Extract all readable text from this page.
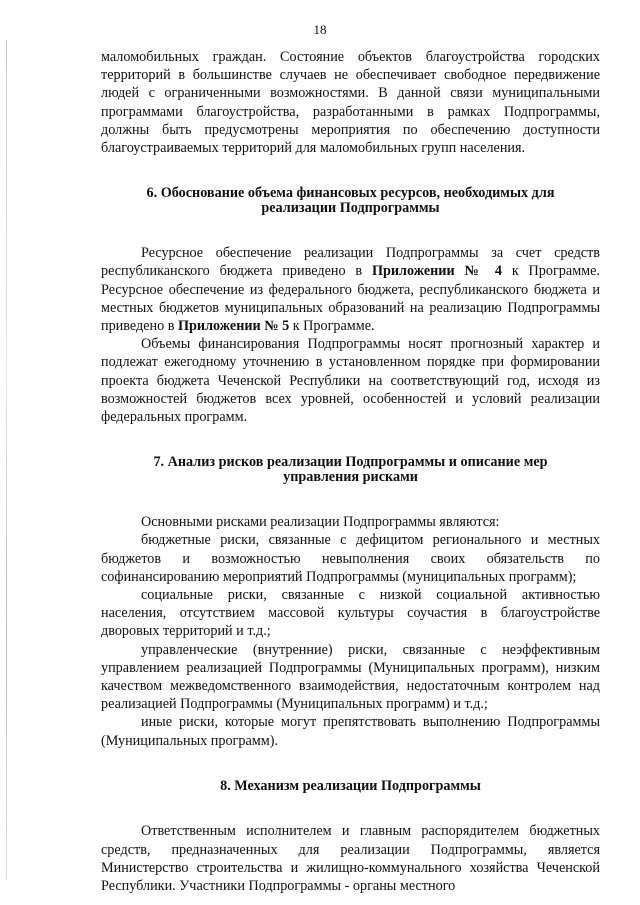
18

маломобильных граждан. Состояние объектов благоустройства городских территорий в большинстве случаев не обеспечивает свободное передвижение людей с ограниченными возможностями. В данной связи муниципальными программами благоустройства, разработанными в рамках Подпрограммы, должны быть предусмотрены мероприятия по обеспечению доступности благоустраиваемых территорий для маломобильных групп населения.

6. Обоснование объема финансовых ресурсов, необходимых для реализации Подпрограммы

Ресурсное обеспечение реализации Подпрограммы за счет средств республиканского бюджета приведено в Приложении № 4 к Программе. Ресурсное обеспечение из федерального бюджета, республиканского бюджета и местных бюджетов муниципальных образований на реализацию Подпрограммы приведено в Приложении № 5 к Программе.

Объемы финансирования Подпрограммы носят прогнозный характер и подлежат ежегодному уточнению в установленном порядке при формировании проекта бюджета Чеченской Республики на соответствующий год, исходя из возможностей бюджетов всех уровней, особенностей и условий реализации федеральных программ.

7. Анализ рисков реализации Подпрограммы и описание мер управления рисками

Основными рисками реализации Подпрограммы являются:

бюджетные риски, связанные с дефицитом регионального и местных бюджетов и возможностью невыполнения своих обязательств по софинансированию мероприятий Подпрограммы (муниципальных программ);

социальные риски, связанные с низкой социальной активностью населения, отсутствием массовой культуры соучастия в благоустройстве дворовых территорий и т.д.;

управленческие (внутренние) риски, связанные с неэффективным управлением реализацией Подпрограммы (Муниципальных программ), низким качеством межведомственного взаимодействия, недостаточным контролем над реализацией Подпрограммы (Муниципальных программ) и т.д.;

иные риски, которые могут препятствовать выполнению Подпрограммы (Муниципальных программ).

8. Механизм реализации Подпрограммы

Ответственным исполнителем и главным распорядителем бюджетных средств, предназначенных для реализации Подпрограммы, является Министерство строительства и жилищно-коммунального хозяйства Чеченской Республики. Участники Подпрограммы - органы местного
